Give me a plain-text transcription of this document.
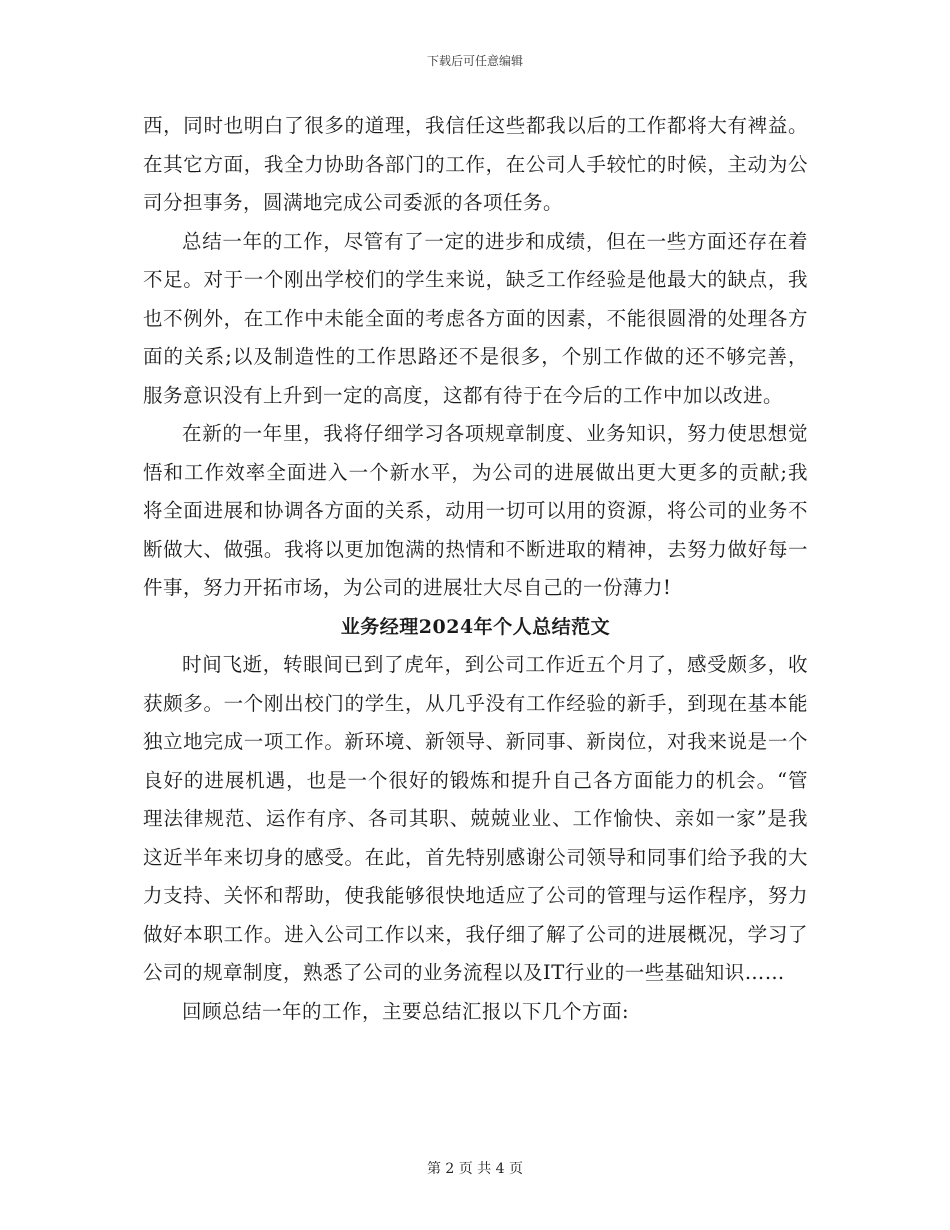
下载后可任意编辑

西，同时也明白了很多的道理，我信任这些都我以后的工作都将大有裨益。在其它方面，我全力协助各部门的工作，在公司人手较忙的时候，主动为公司分担事务，圆满地完成公司委派的各项任务。

总结一年的工作，尽管有了一定的进步和成绩，但在一些方面还存在着不足。对于一个刚出学校们的学生来说，缺乏工作经验是他最大的缺点，我也不例外，在工作中未能全面的考虑各方面的因素，不能很圆滑的处理各方面的关系;以及制造性的工作思路还不是很多，个别工作做的还不够完善，服务意识没有上升到一定的高度，这都有待于在今后的工作中加以改进。

在新的一年里，我将仔细学习各项规章制度、业务知识，努力使思想觉悟和工作效率全面进入一个新水平，为公司的进展做出更大更多的贡献;我将全面进展和协调各方面的关系，动用一切可以用的资源，将公司的业务不断做大、做强。我将以更加饱满的热情和不断进取的精神，去努力做好每一件事，努力开拓市场，为公司的进展壮大尽自己的一份薄力!

业务经理2024年个人总结范文

时间飞逝，转眼间已到了虎年，到公司工作近五个月了，感受颇多，收获颇多。一个刚出校门的学生，从几乎没有工作经验的新手，到现在基本能独立地完成一项工作。新环境、新领导、新同事、新岗位，对我来说是一个良好的进展机遇，也是一个很好的锻炼和提升自己各方面能力的机会。“管理法律规范、运作有序、各司其职、兢兢业业、工作愉快、亲如一家”是我这近半年来切身的感受。在此，首先特别感谢公司领导和同事们给予我的大力支持、关怀和帮助，使我能够很快地适应了公司的管理与运作程序，努力做好本职工作。进入公司工作以来，我仔细了解了公司的进展概况，学习了公司的规章制度，熟悉了公司的业务流程以及IT行业的一些基础知识……

回顾总结一年的工作，主要总结汇报以下几个方面:

第 2 页 共 4 页
